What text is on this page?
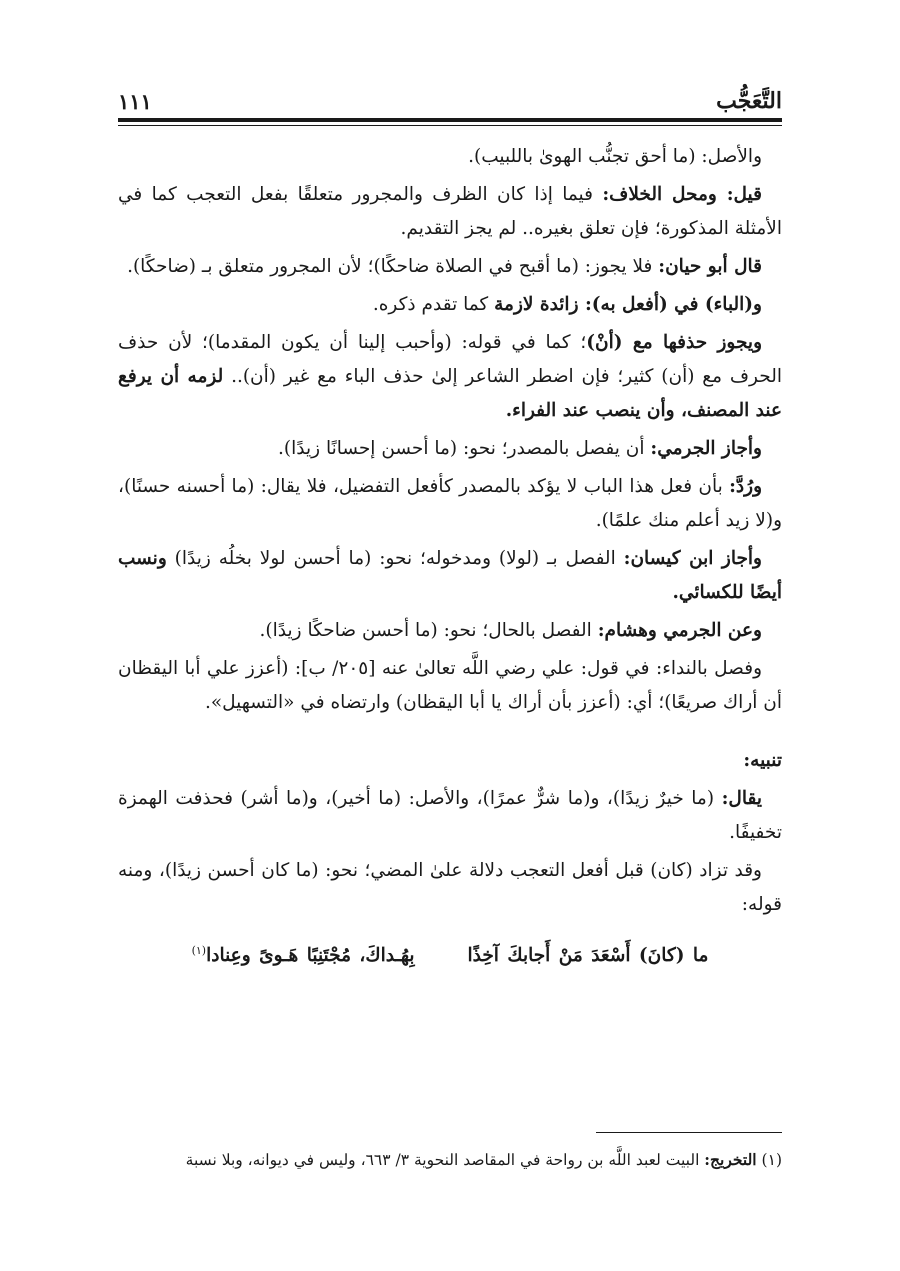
التَّعَجُّب
١١١

والأصل: (ما أحق تجنُّب الهوىٰ باللبيب).

قيل: ومحل الخلاف: فيما إذا كان الظرف والمجرور متعلقًا بفعل التعجب كما في الأمثلة المذكورة؛ فإن تعلق بغيره.. لم يجز التقديم.

قال أبو حيان: فلا يجوز: (ما أقبح في الصلاة ضاحكًا)؛ لأن المجرور متعلق بـ (ضاحكًا).

و(الباء) في (أفعل به): زائدة لازمة كما تقدم ذكره.

ويجوز حذفها مع (أنْ)؛ كما في قوله: (وأحبب إلينا أن يكون المقدما)؛ لأن حذف الحرف مع (أن) كثير؛ فإن اضطر الشاعر إلىٰ حذف الباء مع غير (أن).. لزمه أن يرفع عند المصنف، وأن ينصب عند الفراء.

وأجاز الجرمي: أن يفصل بالمصدر؛ نحو: (ما أحسن إحسانًا زيدًا).

ورُدَّ: بأن فعل هذا الباب لا يؤكد بالمصدر كأفعل التفضيل، فلا يقال: (ما أحسنه حسنًا)، و(لا زيد أعلم منك علمًا).

وأجاز ابن كيسان: الفصل بـ (لولا) ومدخوله؛ نحو: (ما أحسن لولا بخلُه زيدًا) ونسب أيضًا للكسائي.

وعن الجرمي وهشام: الفصل بالحال؛ نحو: (ما أحسن ضاحكًا زيدًا).

وفصل بالنداء: في قول: علي رضي اللَّه تعالىٰ عنه [٢٠٥/ ب]: (أعزز علي أبا اليقظان أن أراك صريعًا)؛ أي: (أعزز بأن أراك يا أبا اليقظان) وارتضاه في «التسهيل».

تنبيه:

يقال: (ما خيرٌ زيدًا)، و(ما شرٌّ عمرًا)، والأصل: (ما أخير)، و(ما أشر) فحذفت الهمزة تخفيفًا.

وقد تزاد (كان) قبل أفعل التعجب دلالة علىٰ المضي؛ نحو: (ما كان أحسن زيدًا)، ومنه قوله:

ما (كانَ) أَسْعَدَ مَنْ أَجابكَ آخِذًا  بِهُـداكَ، مُجْتَنِبًا هَـوىً وعِنادا$^{(١)}$
(١) التخريج: البيت لعبد اللَّه بن رواحة في المقاصد النحوية ٣/ ٦٦٣، وليس في ديوانه، وبلا نسبة
